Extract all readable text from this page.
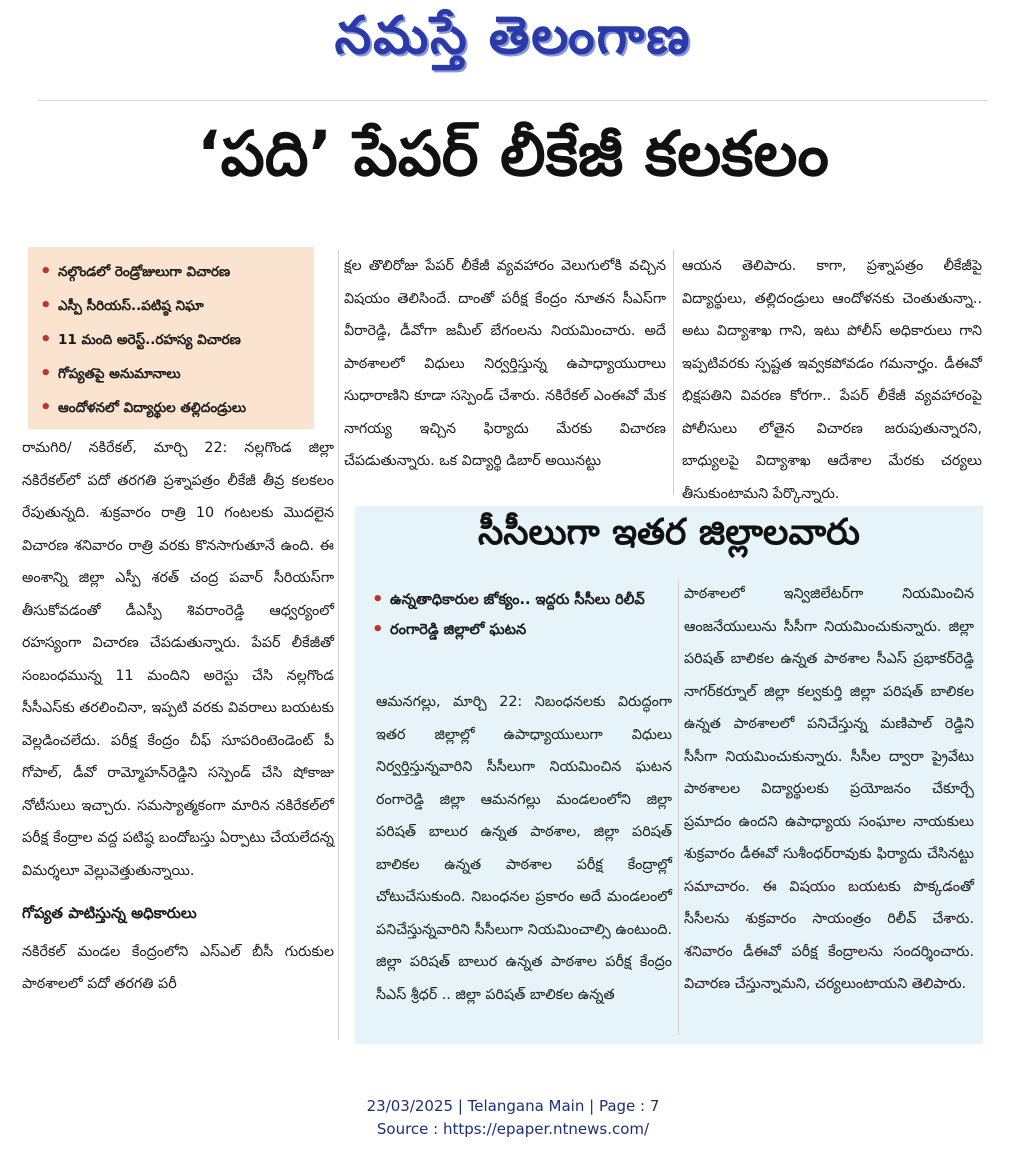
నమస్తే తెలంగాణ
‘పది’ పేపర్ లీకేజీ కలకలం
• నల్గొండలో రెండ్రోజులుగా విచారణ
• ఎస్పీ సీరియస్..పటిష్ఠ నిఘా
• 11 మంది అరెస్ట్..రహస్య విచారణ
• గోప్యతపై అనుమానాలు
• ఆందోళనలో విద్యార్థుల తల్లిదండ్రులు

రామగిరి/ నకిరేకల్, మార్చి 22: నల్లగొండ జిల్లా నకిరేకల్‌లో పదో తరగతి ప్రశ్నాపత్రం లీకేజీ తీవ్ర కలకలం రేపుతున్నది. శుక్రవారం రాత్రి 10 గంటలకు మొదలైన విచారణ శనివారం రాత్రి వరకు కొనసాగుతూనే ఉంది. ఈ అంశాన్ని జిల్లా ఎస్పీ శరత్ చంద్ర పవార్ సీరియస్‌గా తీసుకోవడంతో డీఎస్పీ శివరాంరెడ్డి ఆధ్వర్యంలో రహస్యంగా విచారణ చేపడుతున్నారు. పేపర్ లీకేజీతో సంబంధమున్న 11 మందిని అరెస్టు చేసి నల్లగొండ సీసీఎస్‌కు తరలించినా, ఇప్పటి వరకు వివరాలు బయటకు వెల్లడించలేదు. పరీక్ష కేంద్రం చీఫ్ సూపరింటెండెంట్ పీ గోపాల్, డీవో రామ్మోహన్‌రెడ్డిని సస్పెండ్ చేసి షోకాజు నోటీసులు ఇచ్చారు. సమస్యాత్మకంగా మారిన నకిరేకల్‌లో పరీక్ష కేంద్రాల వద్ద పటిష్ఠ బందోబస్తు ఏర్పాటు చేయలేదన్న విమర్శలూ వెల్లువెత్తుతున్నాయి.

గోప్యత పాటిస్తున్న అధికారులు

నకిరేకల్ మండల కేంద్రంలోని ఎస్‌ఎల్ బీసీ గురుకుల పాఠశాలలో పదో తరగతి పరీ

క్షల తొలిరోజు పేపర్ లీకేజీ వ్యవహారం వెలుగులోకి వచ్చిన విషయం తెలిసిందే. దాంతో పరీక్ష కేంద్రం నూతన సీఎస్‌గా వీరారెడ్డి, డీవోగా జమీల్ బేగంలను నియమించారు. అదే పాఠశాలలో విధులు నిర్వర్తిస్తున్న ఉపాధ్యాయురాలు సుధారాణిని కూడా సస్పెండ్ చేశారు. నకిరేకల్ ఎంఈవో మేక నాగయ్య ఇచ్చిన ఫిర్యాదు మేరకు విచారణ చేపడుతున్నారు. ఒక విద్యార్థి డిబార్ అయినట్టు

ఆయన తెలిపారు. కాగా, ప్రశ్నాపత్రం లీకేజీపై విద్యార్థులు, తల్లిదండ్రులు ఆందోళనకు చెంతుతున్నా.. అటు విద్యాశాఖ గాని, ఇటు పోలీస్ అధికారులు గాని ఇప్పటివరకు స్పష్టత ఇవ్వకపోవడం గమనార్హం. డీఈవో భిక్షపతిని వివరణ కోరగా.. పేపర్ లీకేజీ వ్యవహారంపై పోలీసులు లోతైన విచారణ జరుపుతున్నారని, బాధ్యులపై విద్యాశాఖ ఆదేశాల మేరకు చర్యలు తీసుకుంటామని పేర్కొన్నారు.

సీసీలుగా ఇతర జిల్లాలవారు
• ఉన్నతాధికారుల జోక్యం.. ఇద్దరు సీసీలు రిలీవ్
• రంగారెడ్డి జిల్లాలో ఘటన

ఆమనగల్లు, మార్చి 22: నిబంధనలకు విరుద్ధంగా ఇతర జిల్లాల్లో ఉపాధ్యాయులుగా విధులు నిర్వర్తిస్తున్నవారిని సీసీలుగా నియమించిన ఘటన రంగారెడ్డి జిల్లా ఆమనగల్లు మండలంలోని జిల్లా పరిషత్ బాలుర ఉన్నత పాఠశాల, జిల్లా పరిషత్ బాలికల ఉన్నత పాఠశాల పరీక్ష కేంద్రాల్లో చోటుచేసుకుంది. నిబంధనల ప్రకారం అదే మండలంలో పనిచేస్తున్నవారిని సీసీలుగా నియమించాల్సి ఉంటుంది. జిల్లా పరిషత్ బాలుర ఉన్నత పాఠశాల పరీక్ష కేంద్రం సీఎస్ శ్రీధర్ .. జిల్లా పరిషత్ బాలికల ఉన్నత

పాఠశాలలో ఇన్విజిలేటర్‌గా నియమించిన ఆంజనేయులును సీసీగా నియమించుకున్నారు. జిల్లా పరిషత్ బాలికల ఉన్నత పాఠశాల సీఎస్ ప్రభాకర్‌రెడ్డి నాగర్‌కర్నూల్ జిల్లా కల్వకుర్తి జిల్లా పరిషత్ బాలికల ఉన్నత పాఠశాలలో పనిచేస్తున్న మణిపాల్ రెడ్డిని సీసీగా నియమించుకున్నారు. సీసీల ద్వారా ప్రైవేటు పాఠశాలల విద్యార్థులకు ప్రయోజనం చేకూర్చే ప్రమాదం ఉందని ఉపాధ్యాయ సంఘాల నాయకులు శుక్రవారం డీఈవో సుశీంధర్‌రావుకు ఫిర్యాదు చేసినట్టు సమాచారం. ఈ విషయం బయటకు పొక్కడంతో సీసీలను శుక్రవారం సాయంత్రం రిలీవ్ చేశారు. శనివారం డీఈవో పరీక్ష కేంద్రాలను సందర్శించారు. విచారణ చేస్తున్నామని, చర్యలుంటాయని తెలిపారు.

23/03/2025 | Telangana Main | Page : 7
Source : https://epaper.ntnews.com/
